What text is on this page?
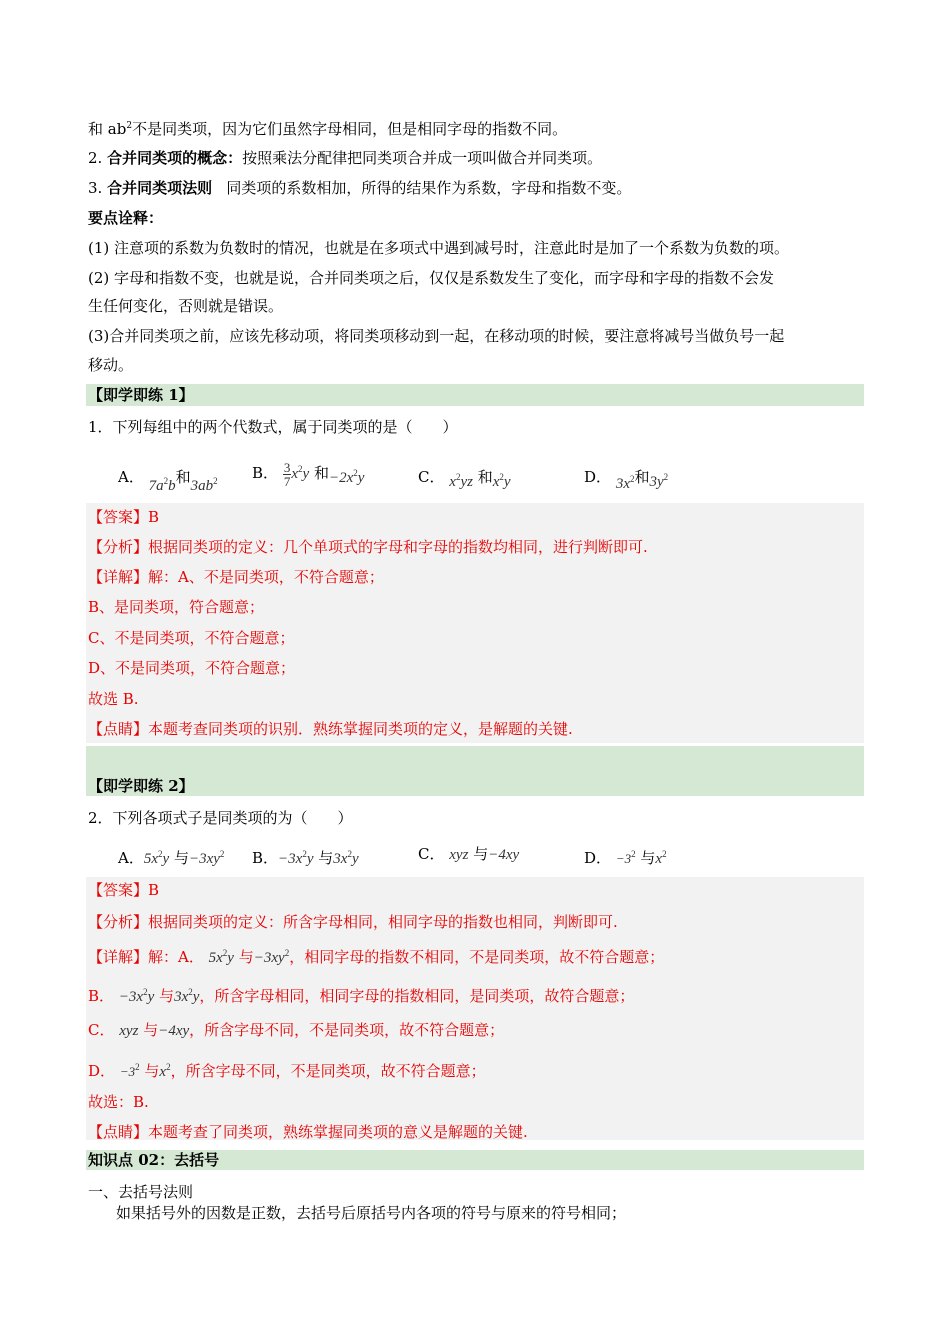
和 $ab^2$不是同类项，因为它们虽然字母相同，但是相同字母的指数不同。
2. 合并同类项的概念：按照乘法分配律把同类项合并成一项叫做合并同类项。
3. 合并同类项法则 同类项的系数相加，所得的结果作为系数，字母和指数不变。
要点诠释：
(1) 注意项的系数为负数时的情况，也就是在多项式中遇到减号时，注意此时是加了一个系数为负数的项。
(2) 字母和指数不变，也就是说，合并同类项之后，仅仅是系数发生了变化，而字母和字母的指数不会发
生任何变化，否则就是错误。
(3)合并同类项之前，应该先移动项，将同类项移动到一起，在移动项的时候，要注意将减号当做负号一起
移动。
【即学即练 1】
1．下列每组中的两个代数式，属于同类项的是（　　）
A． $7a^2b$和$3ab^2$ B． $\frac{3}{7} x^2y$ 和$-2x^2y$	C． $x^2yz$ 和$x^2y$	D． $3x^2$和$3y^2$
【答案】B
【分析】根据同类项的定义：几个单项式的字母和字母的指数均相同，进行判断即可.
【详解】解：A、不是同类项，不符合题意；
B、是同类项，符合题意；
C、不是同类项，不符合题意；
D、不是同类项，不符合题意；
故选 B.
【点睛】本题考查同类项的识别．熟练掌握同类项的定义，是解题的关键.
【即学即练 2】
2．下列各项式子是同类项的为（　　）
A．$5x^2y$ 与$-3xy^2$ B．$-3x^2y$ 与$3x^2y$	C． xyz 与−4xy	D． $-3^2$ 与$x^2$
【答案】B
【分析】根据同类项的定义：所含字母相同，相同字母的指数也相同，判断即可.
【详解】解：A． $5x^2y$ 与$-3xy^2$，相同字母的指数不相同，不是同类项，故不符合题意；
B． $-3x^2y$ 与$3x^2y$，所含字母相同，相同字母的指数相同，是同类项，故符合题意；
C． xyz 与−4xy，所含字母不同，不是同类项，故不符合题意；
D． $-3^2$ 与$x^2$，所含字母不同，不是同类项，故不符合题意；
故选：B.
【点睛】本题考查了同类项，熟练掌握同类项的意义是解题的关键.
知识点 02：去括号
一、去括号法则
如果括号外的因数是正数，去括号后原括号内各项的符号与原来的符号相同；
